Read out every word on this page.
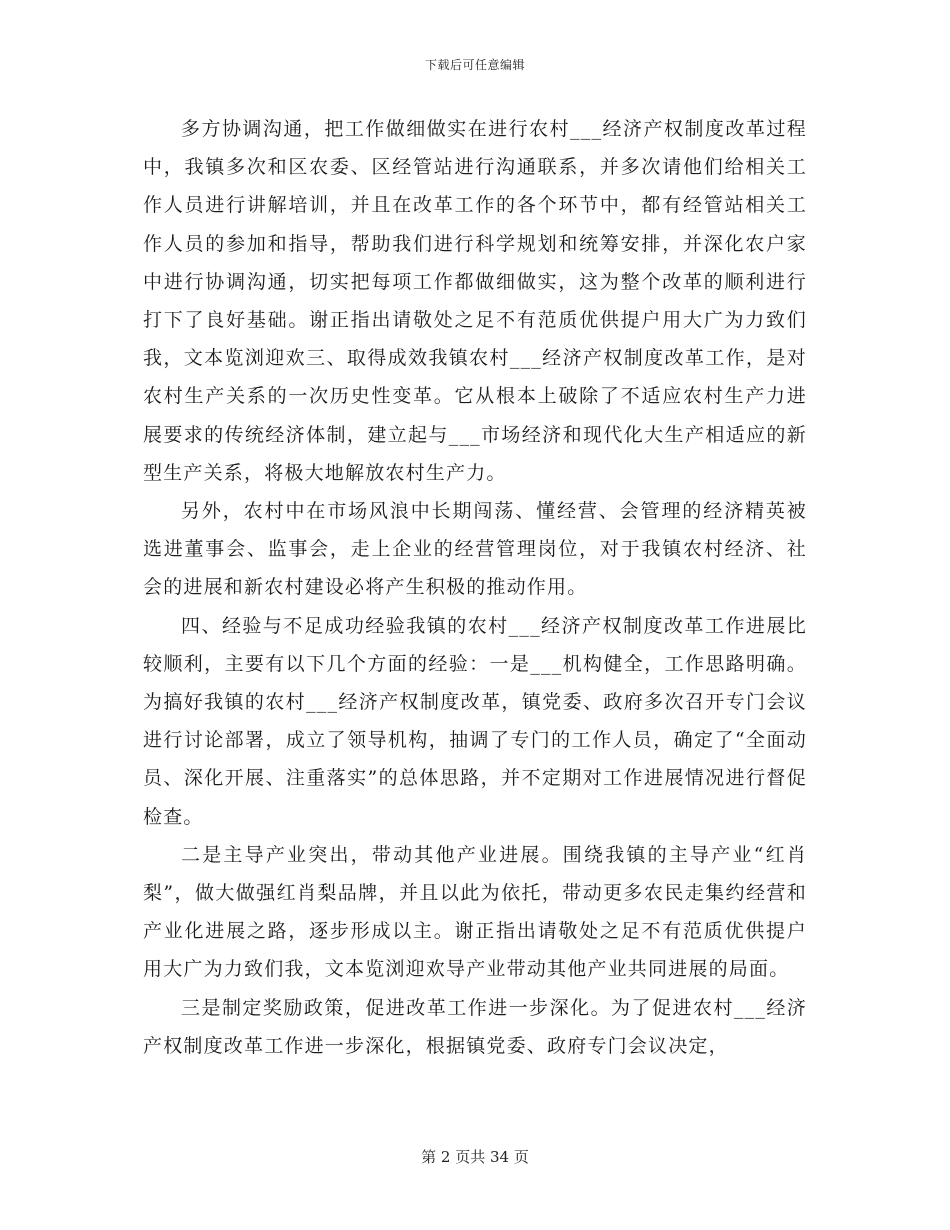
下载后可任意编辑

多方协调沟通，把工作做细做实在进行农村___经济产权制度改革过程中，我镇多次和区农委、区经管站进行沟通联系，并多次请他们给相关工作人员进行讲解培训，并且在改革工作的各个环节中，都有经管站相关工作人员的参加和指导，帮助我们进行科学规划和统筹安排，并深化农户家中进行协调沟通，切实把每项工作都做细做实，这为整个改革的顺利进行打下了良好基础。谢正指出请敬处之足不有范质优供提户用大广为力致们我，文本览浏迎欢三、取得成效我镇农村___经济产权制度改革工作，是对农村生产关系的一次历史性变革。它从根本上破除了不适应农村生产力进展要求的传统经济体制，建立起与___市场经济和现代化大生产相适应的新型生产关系，将极大地解放农村生产力。

另外，农村中在市场风浪中长期闯荡、懂经营、会管理的经济精英被选进董事会、监事会，走上企业的经营管理岗位，对于我镇农村经济、社会的进展和新农村建设必将产生积极的推动作用。

四、经验与不足成功经验我镇的农村___经济产权制度改革工作进展比较顺利，主要有以下几个方面的经验：一是___机构健全，工作思路明确。为搞好我镇的农村___经济产权制度改革，镇党委、政府多次召开专门会议进行讨论部署，成立了领导机构，抽调了专门的工作人员，确定了“全面动员、深化开展、注重落实”的总体思路，并不定期对工作进展情况进行督促检查。

二是主导产业突出，带动其他产业进展。围绕我镇的主导产业“红肖梨”，做大做强红肖梨品牌，并且以此为依托，带动更多农民走集约经营和产业化进展之路，逐步形成以主。谢正指出请敬处之足不有范质优供提户用大广为力致们我，文本览浏迎欢导产业带动其他产业共同进展的局面。

三是制定奖励政策，促进改革工作进一步深化。为了促进农村___经济产权制度改革工作进一步深化，根据镇党委、政府专门会议决定，

第 2 页共 34 页
